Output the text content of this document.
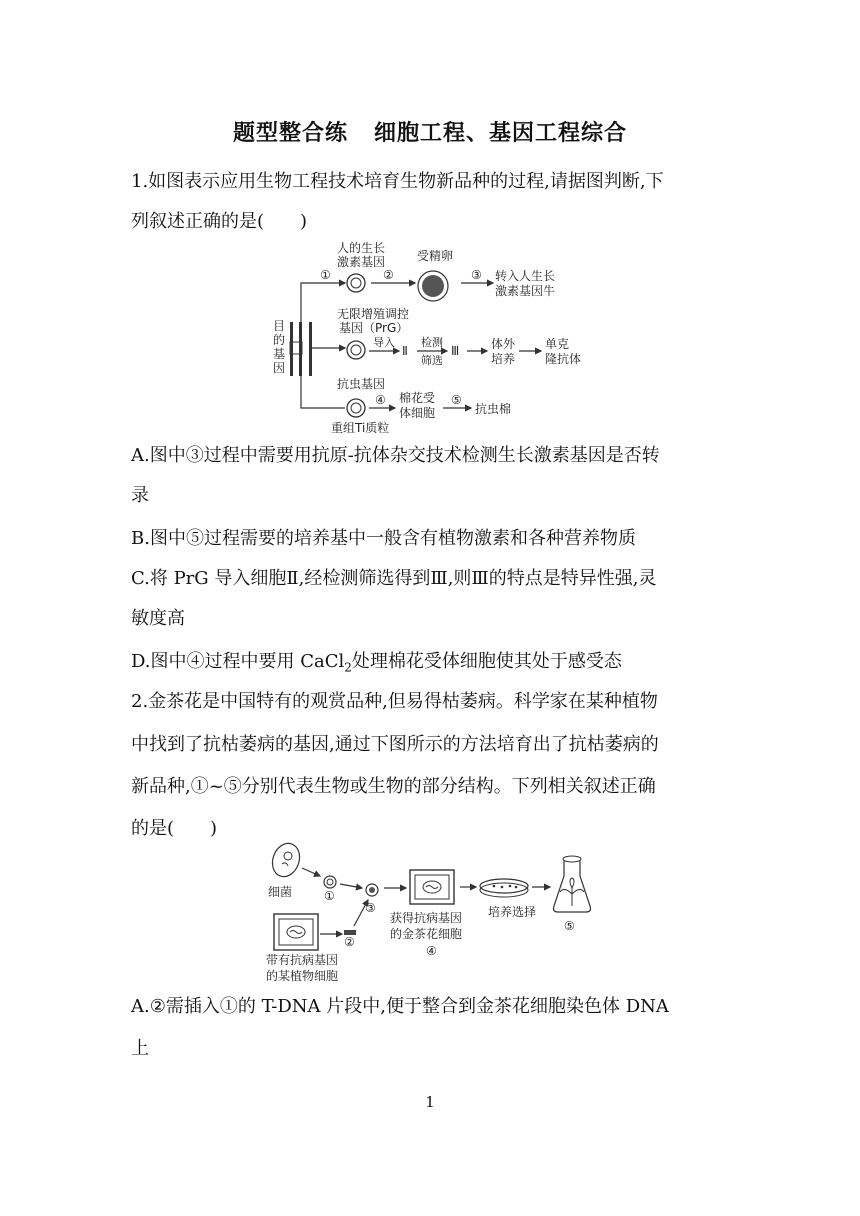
题型整合练 细胞工程、基因工程综合
1.如图表示应用生物工程技术培育生物新品种的过程,请据图判断,下
列叙述正确的是(　　)
目
的
基
因
①
人的生长
激素基因
②
受精卵
③ 转入人生长
激素基因牛
无限增殖调控
基因（PrG）
导入
Ⅱ
检测
筛选
Ⅲ	体外
培养
单克
隆抗体
抗虫基因
重组Ti质粒
④ 棉花受
体细胞
⑤
抗虫棉
A.图中③过程中需要用抗原-抗体杂交技术检测生长激素基因是否转
录
B.图中⑤过程需要的培养基中一般含有植物激素和各种营养物质
C.将 PrG 导入细胞Ⅱ,经检测筛选得到Ⅲ,则Ⅲ的特点是特异性强,灵
敏度高
D.图中④过程中要用 CaCl$_2$处理棉花受体细胞使其处于感受态
2.金茶花是中国特有的观赏品种,但易得枯萎病。科学家在某种植物
中找到了抗枯萎病的基因,通过下图所示的方法培育出了抗枯萎病的
新品种,①~⑤分别代表生物或生物的部分结构。下列相关叙述正确
的是(　　)
细菌	①
③
带有抗病基因
的某植物细胞
②
获得抗病基因
的金茶花细胞
④
培养选择
⑤
A.②需插入①的 T-DNA 片段中,便于整合到金茶花细胞染色体 DNA
上
1
